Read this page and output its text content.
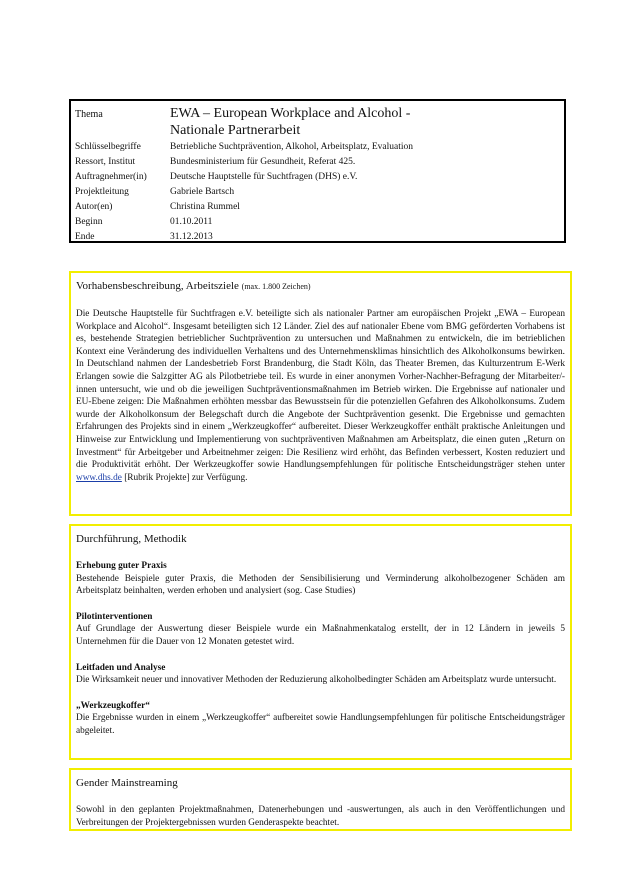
Thema	EWA – European Workplace and Alcohol -
Nationale Partnerarbeit

Schlüsselbegriffe	Betriebliche Suchtprävention, Alkohol, Arbeitsplatz, Evaluation
Ressort, Institut	Bundesministerium für Gesundheit, Referat 425.
Auftragnehmer(in)	Deutsche Hauptstelle für Suchtfragen (DHS) e.V.
Projektleitung	Gabriele Bartsch
Autor(en)	Christina Rummel
Beginn	01.10.2011
Ende	31.12.2013
Vorhabensbeschreibung, Arbeitsziele (max. 1.800 Zeichen)
Die Deutsche Hauptstelle für Suchtfragen e.V. beteiligte sich als nationaler Partner am europäischen Projekt „EWA – European Workplace and Alcohol“. Insgesamt beteiligten sich 12 Länder. Ziel des auf nationaler Ebene vom BMG geförderten Vorhabens ist es, bestehende Strategien betrieblicher Suchtprävention zu untersuchen und Maßnahmen zu entwickeln, die im betrieblichen Kontext eine Veränderung des individuellen Verhaltens und des Unternehmensklimas hinsichtlich des Alkoholkonsums bewirken. In Deutschland nahmen der Landesbetrieb Forst Brandenburg, die Stadt Köln, das Theater Bremen, das Kulturzentrum E-Werk Erlangen sowie die Salzgitter AG als Pilotbetriebe teil. Es wurde in einer anonymen Vorher-Nachher-Befragung der Mitarbeiter/-innen untersucht, wie und ob die jeweiligen Suchtpräventionsmaßnahmen im Betrieb wirken. Die Ergebnisse auf nationaler und EU-Ebene zeigen: Die Maßnahmen erhöhten messbar das Bewusstsein für die potenziellen Gefahren des Alkoholkonsums. Zudem wurde der Alkoholkonsum der Belegschaft durch die Angebote der Suchtprävention gesenkt. Die Ergebnisse und gemachten Erfahrungen des Projekts sind in einem „Werkzeugkoffer“ aufbereitet. Dieser Werkzeugkoffer enthält praktische Anleitungen und Hinweise zur Entwicklung und Implementierung von suchtpräventiven Maßnahmen am Arbeitsplatz, die einen guten „Return on Investment“ für Arbeitgeber und Arbeitnehmer zeigen: Die Resilienz wird erhöht, das Befinden verbessert, Kosten reduziert und die Produktivität erhöht. Der Werkzeugkoffer sowie Handlungsempfehlungen für politische Entscheidungsträger stehen unter www.dhs.de [Rubrik Projekte] zur Verfügung.
Durchführung, Methodik
Erhebung guter Praxis
Bestehende Beispiele guter Praxis, die Methoden der Sensibilisierung und Verminderung alkoholbezogener Schäden am Arbeitsplatz beinhalten, werden erhoben und analysiert (sog. Case Studies)
Pilotinterventionen
Auf Grundlage der Auswertung dieser Beispiele wurde ein Maßnahmenkatalog erstellt, der in 12 Ländern in jeweils 5 Unternehmen für die Dauer von 12 Monaten getestet wird.
Leitfaden und Analyse
Die Wirksamkeit neuer und innovativer Methoden der Reduzierung alkoholbedingter Schäden am Arbeitsplatz wurde untersucht.
„Werkzeugkoffer“
Die Ergebnisse wurden in einem „Werkzeugkoffer“ aufbereitet sowie Handlungsempfehlungen für politische Entscheidungsträger abgeleitet.
Gender Mainstreaming
Sowohl in den geplanten Projektmaßnahmen, Datenerhebungen und -auswertungen, als auch in den Veröffentlichungen und Verbreitungen der Projektergebnissen wurden Genderaspekte beachtet.
